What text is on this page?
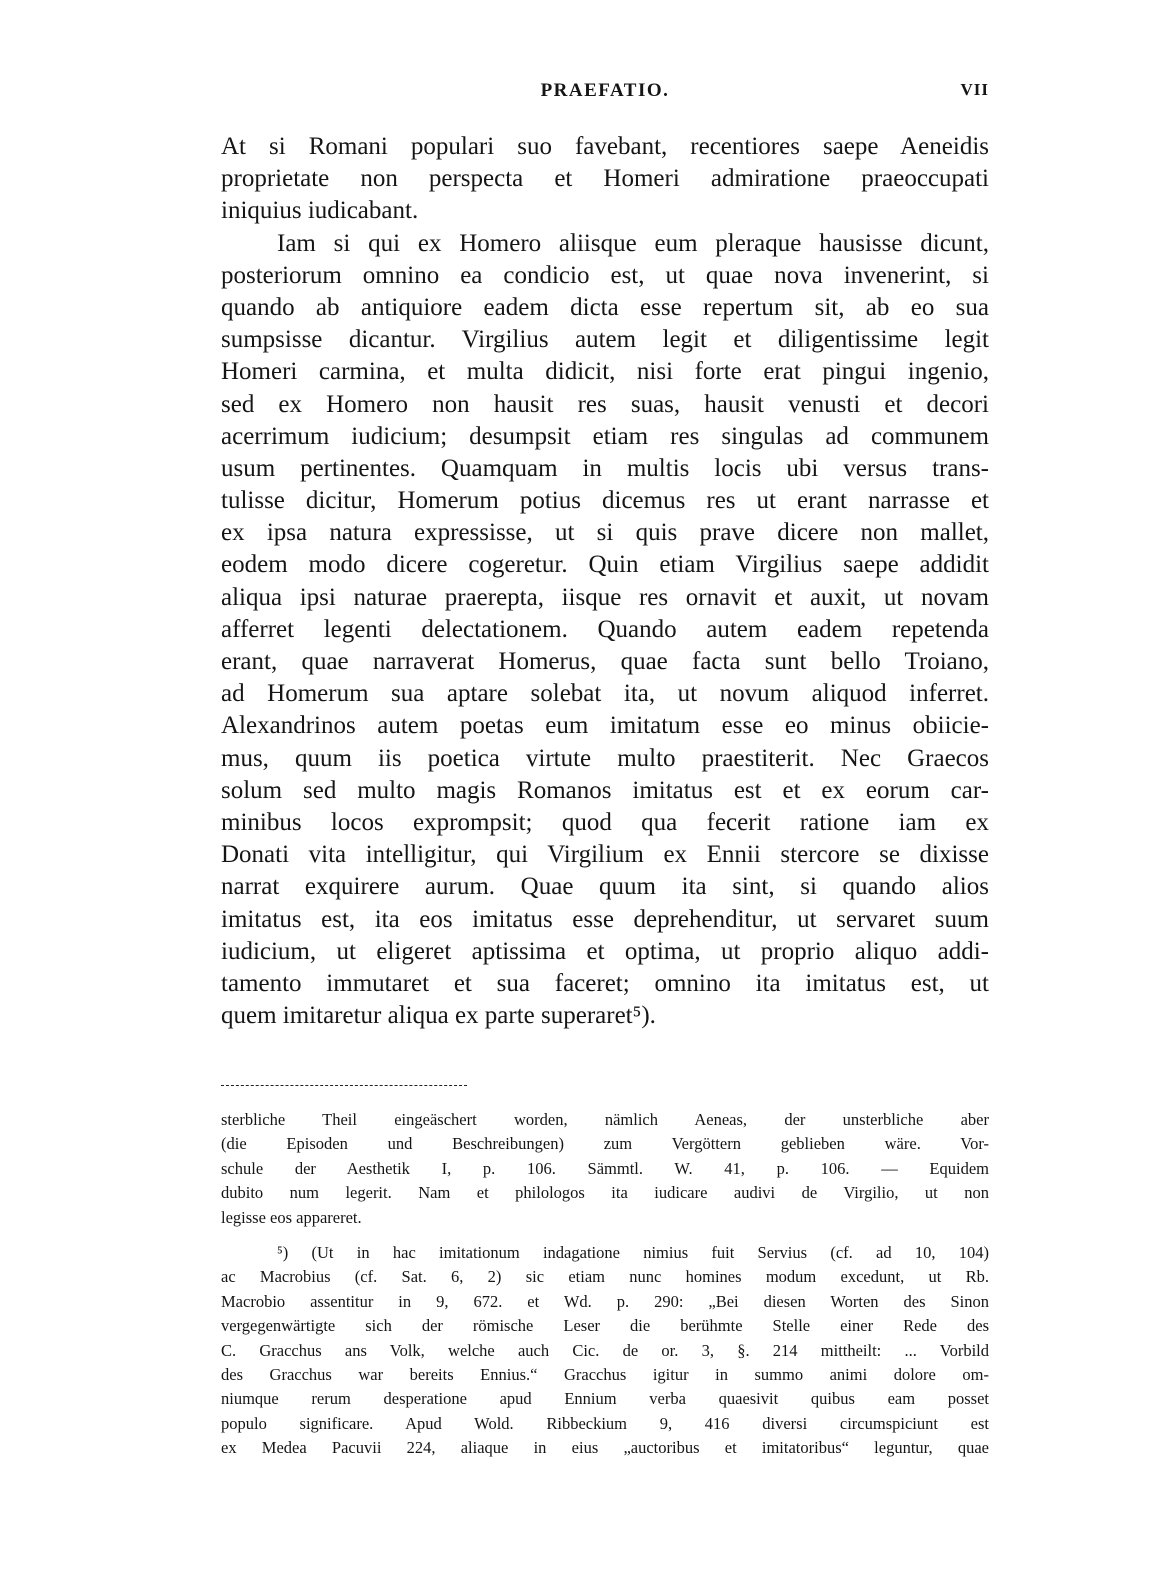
PRAEFATIO.	VII
At si Romani populari suo favebant, recentiores saepe Aeneidis
proprietate non perspecta et Homeri admiratione praeoccupati
iniquius iudicabant.
Iam si qui ex Homero aliisque eum pleraque hausisse dicunt,
posteriorum omnino ea condicio est, ut quae nova invenerint, si
quando ab antiquiore eadem dicta esse repertum sit, ab eo sua
sumpsisse dicantur. Virgilius autem legit et diligentissime legit
Homeri carmina, et multa didicit, nisi forte erat pingui ingenio,
sed ex Homero non hausit res suas, hausit venusti et decori
acerrimum iudicium; desumpsit etiam res singulas ad communem
usum pertinentes. Quamquam in multis locis ubi versus trans-
tulisse dicitur, Homerum potius dicemus res ut erant narrasse et
ex ipsa natura expressisse, ut si quis prave dicere non mallet,
eodem modo dicere cogeretur. Quin etiam Virgilius saepe addidit
aliqua ipsi naturae praerepta, iisque res ornavit et auxit, ut novam
afferret legenti delectationem. Quando autem eadem repetenda
erant, quae narraverat Homerus, quae facta sunt bello Troiano,
ad Homerum sua aptare solebat ita, ut novum aliquod inferret.
Alexandrinos autem poetas eum imitatum esse eo minus obiicie-
mus, quum iis poetica virtute multo praestiterit. Nec Graecos
solum sed multo magis Romanos imitatus est et ex eorum car-
minibus locos exprompsit; quod qua fecerit ratione iam ex
Donati vita intelligitur, qui Virgilium ex Ennii stercore se dixisse
narrat exquirere aurum. Quae quum ita sint, si quando alios
imitatus est, ita eos imitatus esse deprehenditur, ut servaret suum
iudicium, ut eligeret aptissima et optima, ut proprio aliquo addi-
tamento immutaret et sua faceret; omnino ita imitatus est, ut
quem imitaretur aliqua ex parte superaret⁵).
sterbliche Theil eingeäschert worden, nämlich Aeneas, der unsterbliche aber
(die Episoden und Beschreibungen) zum Vergöttern geblieben wäre. Vor-
schule der Aesthetik I, p. 106. Sämmtl. W. 41, p. 106. — Equidem
dubito num legerit. Nam et philologos ita iudicare audivi de Virgilio, ut non
legisse eos appareret.
⁵) (Ut in hac imitationum indagatione nimius fuit Servius (cf. ad 10, 104)
ac Macrobius (cf. Sat. 6, 2) sic etiam nunc homines modum excedunt, ut Rb.
Macrobio assentitur in 9, 672. et Wd. p. 290: „Bei diesen Worten des Sinon
vergegenwärtigte sich der römische Leser die berühmte Stelle einer Rede des
C. Gracchus ans Volk, welche auch Cic. de or. 3, §. 214 mittheilt: ... Vorbild
des Gracchus war bereits Ennius.“ Gracchus igitur in summo animi dolore om-
niumque rerum desperatione apud Ennium verba quaesivit quibus eam posset
populo significare. Apud Wold. Ribbeckium 9, 416 diversi circumspiciunt est
ex Medea Pacuvii 224, aliaque in eius „auctoribus et imitatoribus“ leguntur, quae
